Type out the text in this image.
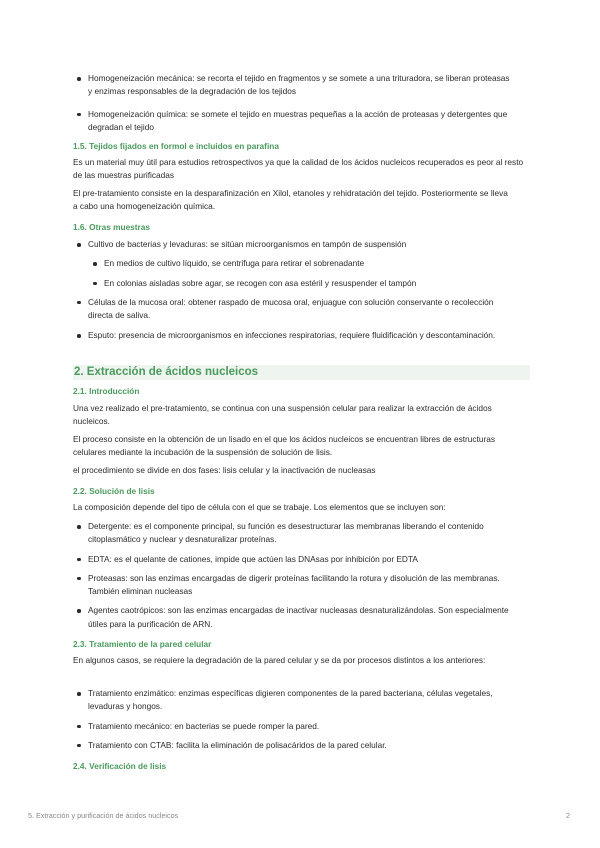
Homogeneización mecánica: se recorta el tejido en fragmentos y se somete a una trituradora, se liberan proteasas y enzimas responsables de la degradación de los tejidos
Homogeneización química: se somete el tejido en muestras pequeñas a la acción de proteasas y detergentes que degradan el tejido

1.5. Tejidos fijados en formol e incluidos en parafina

Es un material muy útil para estudios retrospectivos ya que la calidad de los ácidos nucleicos recuperados es peor al resto de las muestras purificadas

El pre-tratamiento consiste en la desparafinización en Xilol, etanoles y rehidratación del tejido. Posteriormente se lleva a cabo una homogeneización química.

1.6. Otras muestras

Cultivo de bacterias y levaduras: se sitúan microorganismos en tampón de suspensión
En medios de cultivo líquido, se centrifuga para retirar el sobrenadante
En colonias aisladas sobre agar, se recogen con asa estéril y resuspender el tampón
Células de la mucosa oral: obtener raspado de mucosa oral, enjuague con solución conservante o recolección directa de saliva.
Esputo: presencia de microorganismos en infecciones respiratorias, requiere fluidificación y descontaminación.

2. Extracción de ácidos nucleicos

2.1. Introducción

Una vez realizado el pre-tratamiento, se continua con una suspensión celular para realizar la extracción de ácidos nucleicos.

El proceso consiste en la obtención de un lisado en el que los ácidos nucleicos se encuentran libres de estructuras celulares mediante la incubación de la suspensión de solución de lisis.

el procedimiento se divide en dos fases: lisis celular y la inactivación de nucleasas

2.2. Solución de lisis

La composición depende del tipo de célula con el que se trabaje. Los elementos que se incluyen son:

Detergente: es el componente principal, su función es desestructurar las membranas liberando el contenido citoplasmático y nuclear y desnaturalizar proteínas.
EDTA: es el quelante de cationes, impide que actúen las DNAsas por inhibición por EDTA
Proteasas: son las enzimas encargadas de digerir proteínas facilitando la rotura y disolución de las membranas. También eliminan nucleasas
Agentes caotrópicos: son las enzimas encargadas de inactivar nucleasas desnaturalizándolas. Son especialmente útiles para la purificación de ARN.

2.3. Tratamiento de la pared celular

En algunos casos, se requiere la degradación de la pared celular y se da por procesos distintos a los anteriores:

Tratamiento enzimático: enzimas específicas digieren componentes de la pared bacteriana, células vegetales, levaduras y hongos.
Tratamiento mecánico: en bacterias se puede romper la pared.
Tratamiento con CTAB: facilita la eliminación de polisacáridos de la pared celular.

2.4. Verificación de lisis

5. Extracción y purificación de ácidos nucleicos	2
